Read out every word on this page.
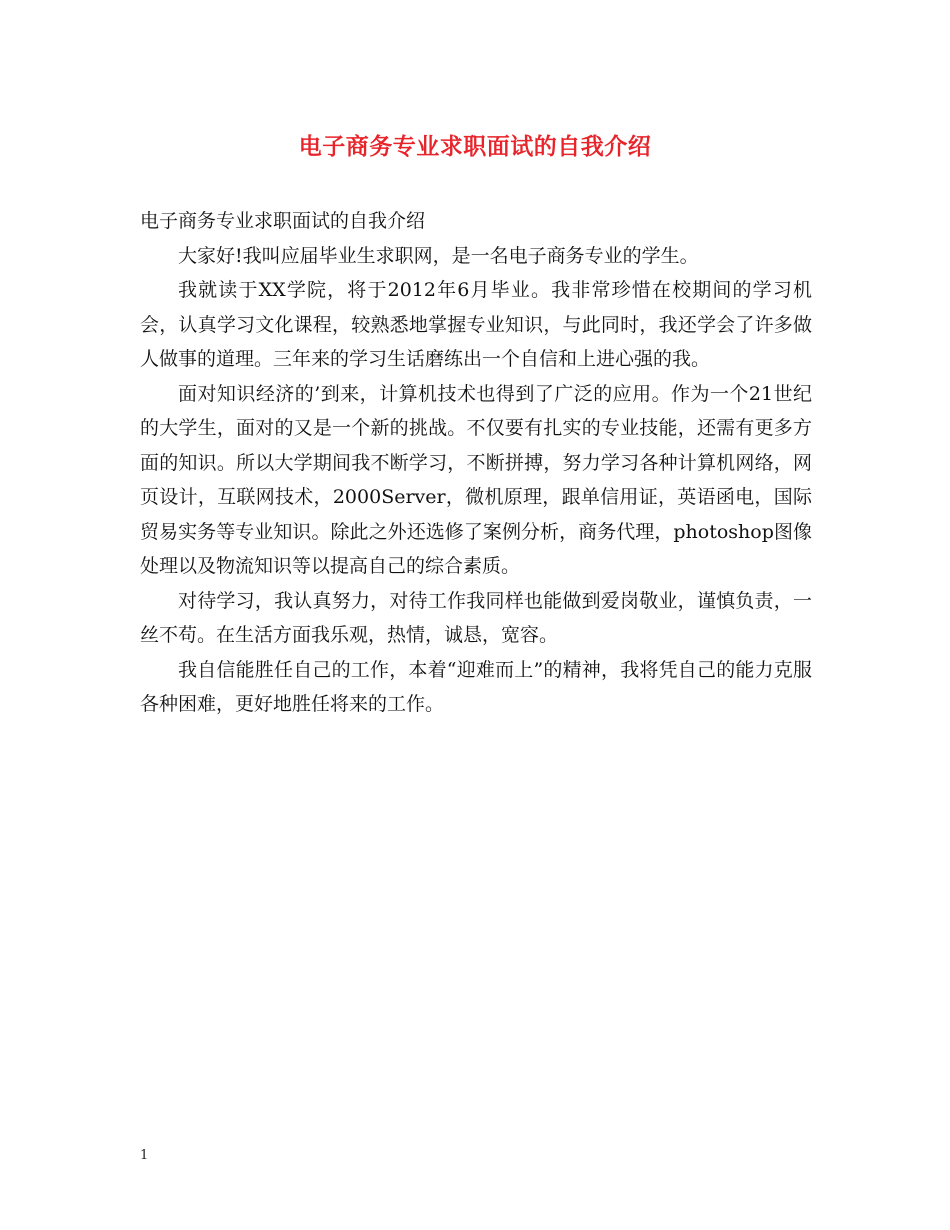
电子商务专业求职面试的自我介绍

电子商务专业求职面试的自我介绍

大家好!我叫应届毕业生求职网，是一名电子商务专业的学生。

我就读于XX学院，将于2012年6月毕业。我非常珍惜在校期间的学习机会，认真学习文化课程，较熟悉地掌握专业知识，与此同时，我还学会了许多做人做事的道理。三年来的学习生话磨练出一个自信和上进心强的我。

面对知识经济的’到来，计算机技术也得到了广泛的应用。作为一个21世纪的大学生，面对的又是一个新的挑战。不仅要有扎实的专业技能，还需有更多方面的知识。所以大学期间我不断学习，不断拼搏，努力学习各种计算机网络，网页设计，互联网技术，2000Server，微机原理，跟单信用证，英语函电，国际贸易实务等专业知识。除此之外还选修了案例分析，商务代理，photoshop图像处理以及物流知识等以提高自己的综合素质。

对待学习，我认真努力，对待工作我同样也能做到爱岗敬业，谨慎负责，一丝不苟。在生活方面我乐观，热情，诚恳，宽容。

我自信能胜任自己的工作，本着“迎难而上”的精神，我将凭自己的能力克服各种困难，更好地胜任将来的工作。

1
